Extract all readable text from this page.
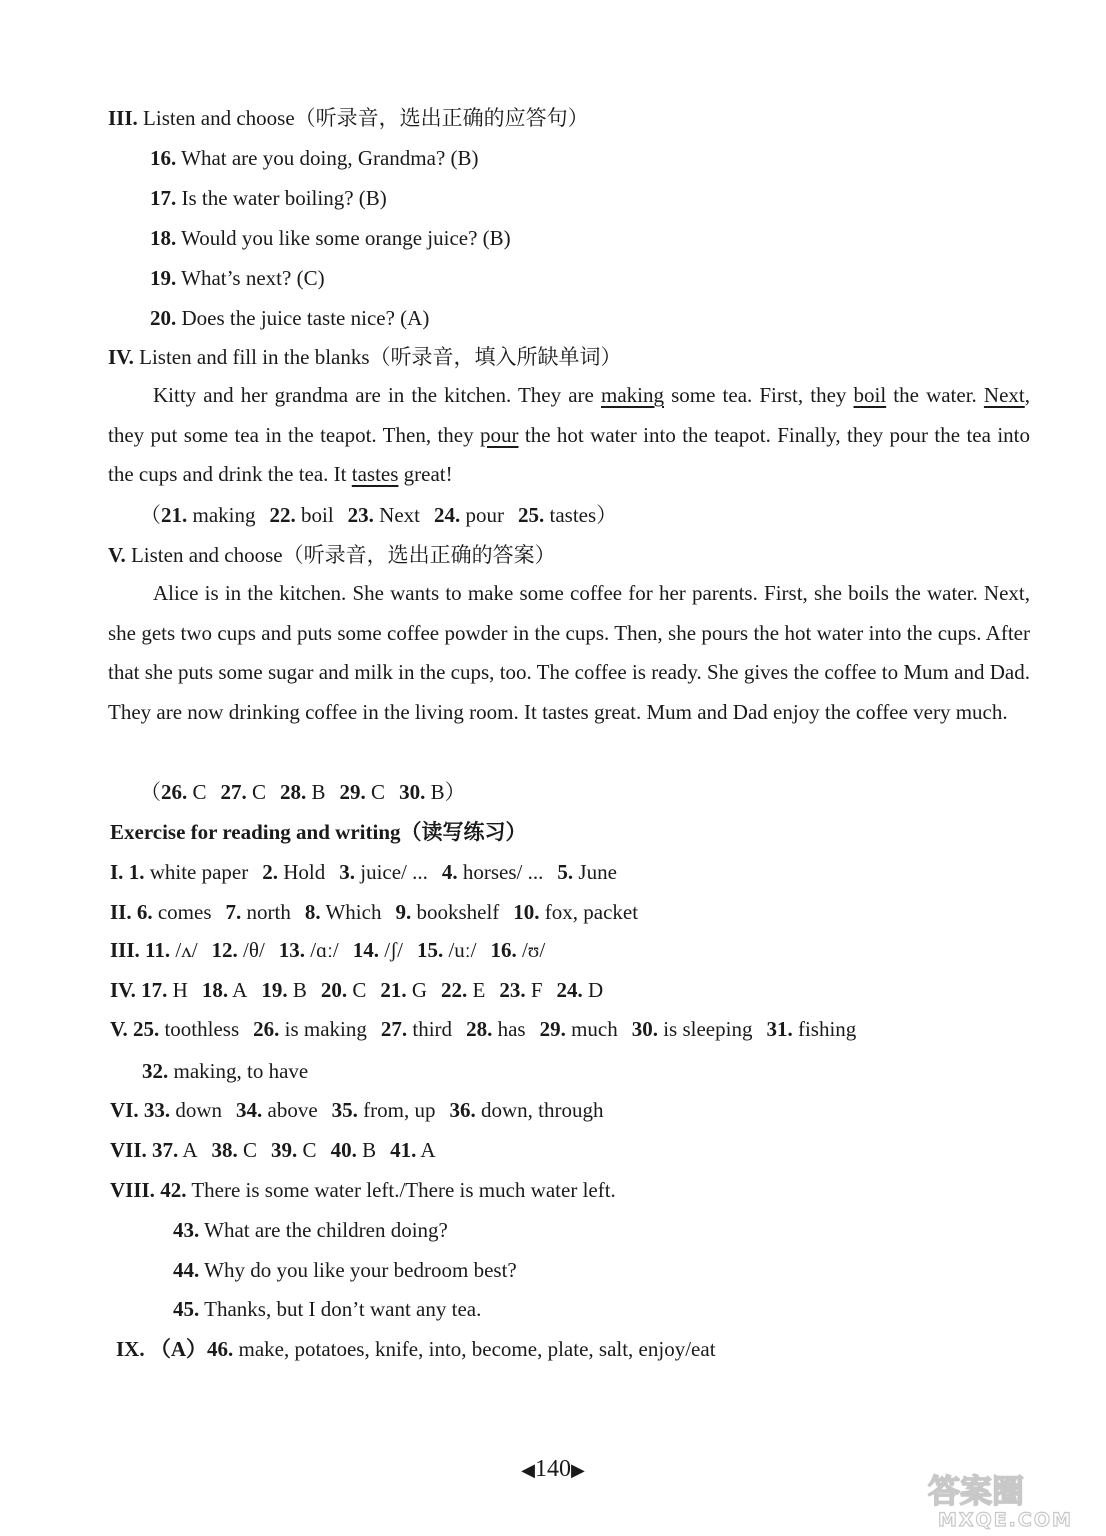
III. Listen and choose（听录音，选出正确的应答句）
16. What are you doing, Grandma? (B)
17. Is the water boiling? (B)
18. Would you like some orange juice? (B)
19. What’s next? (C)
20. Does the juice taste nice? (A)
IV. Listen and fill in the blanks（听录音，填入所缺单词）
Kitty and her grandma are in the kitchen. They are making some tea. First, they boil the water. Next, they put some tea in the teapot. Then, they pour the hot water into the teapot. Finally, they pour the tea into the cups and drink the tea. It tastes great!
（21. making 22. boil 23. Next 24. pour 25. tastes）
V. Listen and choose（听录音，选出正确的答案）
Alice is in the kitchen. She wants to make some coffee for her parents. First, she boils the water. Next, she gets two cups and puts some coffee powder in the cups. Then, she pours the hot water into the cups. After that she puts some sugar and milk in the cups, too. The coffee is ready. She gives the coffee to Mum and Dad. They are now drinking coffee in the living room. It tastes great. Mum and Dad enjoy the coffee very much.
（26. C 27. C 28. B 29. C 30. B）
Exercise for reading and writing（读写练习）
I. 1. white paper 2. Hold 3. juice/ ... 4. horses/ ... 5. June
II. 6. comes 7. north 8. Which 9. bookshelf 10. fox, packet
III. 11. /ʌ/ 12. /θ/ 13. /ɑː/ 14. /ʃ/ 15. /uː/ 16. /ʊ/
IV. 17. H 18. A 19. B 20. C 21. G 22. E 23. F 24. D
V. 25. toothless 26. is making 27. third 28. has 29. much 30. is sleeping 31. fishing
32. making, to have
VI. 33. down 34. above 35. from, up 36. down, through
VII. 37. A 38. C 39. C 40. B 41. A
VIII. 42. There is some water left./There is much water left.
43. What are the children doing?
44. Why do you like your bedroom best?
45. Thanks, but I don’t want any tea.
IX. （A）46. make, potatoes, knife, into, become, plate, salt, enjoy/eat
◀140▶
答案圈
MXQE.COM
